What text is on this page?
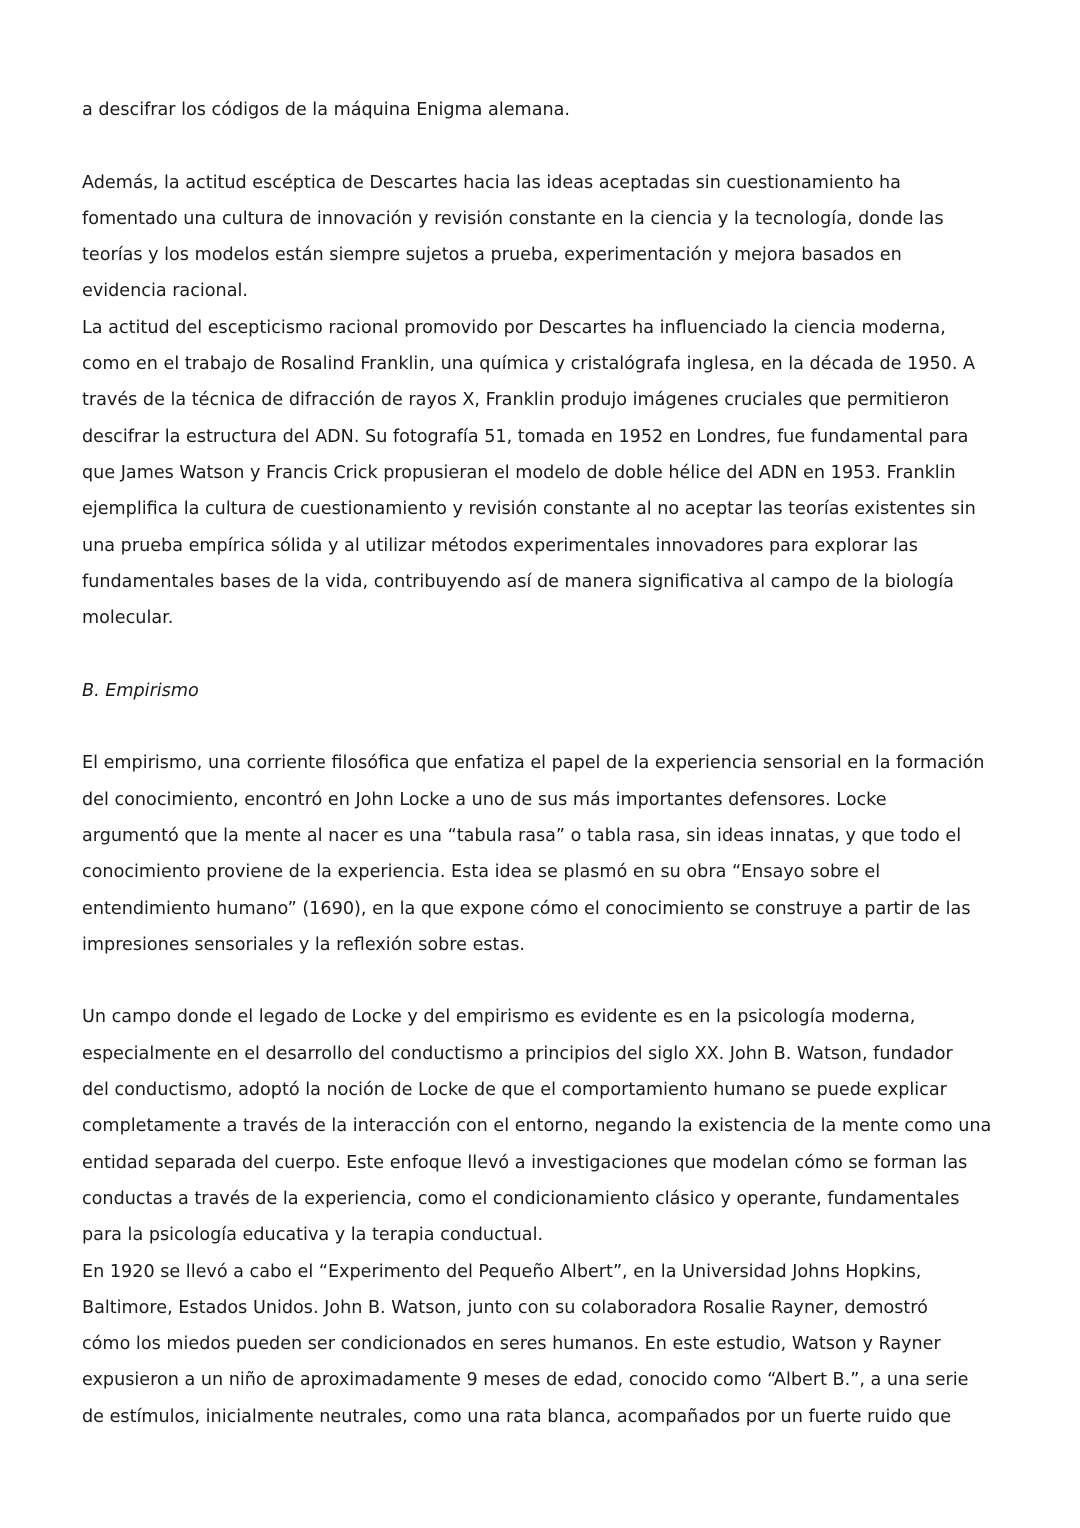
a descifrar los códigos de la máquina Enigma alemana.
Además, la actitud escéptica de Descartes hacia las ideas aceptadas sin cuestionamiento ha
fomentado una cultura de innovación y revisión constante en la ciencia y la tecnología, donde las
teorías y los modelos están siempre sujetos a prueba, experimentación y mejora basados en
evidencia racional.
La actitud del escepticismo racional promovido por Descartes ha influenciado la ciencia moderna,
como en el trabajo de Rosalind Franklin, una química y cristalógrafa inglesa, en la década de 1950. A
través de la técnica de difracción de rayos X, Franklin produjo imágenes cruciales que permitieron
descifrar la estructura del ADN. Su fotografía 51, tomada en 1952 en Londres, fue fundamental para
que James Watson y Francis Crick propusieran el modelo de doble hélice del ADN en 1953. Franklin
ejemplifica la cultura de cuestionamiento y revisión constante al no aceptar las teorías existentes sin
una prueba empírica sólida y al utilizar métodos experimentales innovadores para explorar las
fundamentales bases de la vida, contribuyendo así de manera significativa al campo de la biología
molecular.
B. Empirismo
El empirismo, una corriente filosófica que enfatiza el papel de la experiencia sensorial en la formación
del conocimiento, encontró en John Locke a uno de sus más importantes defensores. Locke
argumentó que la mente al nacer es una “tabula rasa” o tabla rasa, sin ideas innatas, y que todo el
conocimiento proviene de la experiencia. Esta idea se plasmó en su obra “Ensayo sobre el
entendimiento humano” (1690), en la que expone cómo el conocimiento se construye a partir de las
impresiones sensoriales y la reflexión sobre estas.
Un campo donde el legado de Locke y del empirismo es evidente es en la psicología moderna,
especialmente en el desarrollo del conductismo a principios del siglo XX. John B. Watson, fundador
del conductismo, adoptó la noción de Locke de que el comportamiento humano se puede explicar
completamente a través de la interacción con el entorno, negando la existencia de la mente como una
entidad separada del cuerpo. Este enfoque llevó a investigaciones que modelan cómo se forman las
conductas a través de la experiencia, como el condicionamiento clásico y operante, fundamentales
para la psicología educativa y la terapia conductual.
En 1920 se llevó a cabo el “Experimento del Pequeño Albert”, en la Universidad Johns Hopkins,
Baltimore, Estados Unidos. John B. Watson, junto con su colaboradora Rosalie Rayner, demostró
cómo los miedos pueden ser condicionados en seres humanos. En este estudio, Watson y Rayner
expusieron a un niño de aproximadamente 9 meses de edad, conocido como “Albert B.”, a una serie
de estímulos, inicialmente neutrales, como una rata blanca, acompañados por un fuerte ruido que
